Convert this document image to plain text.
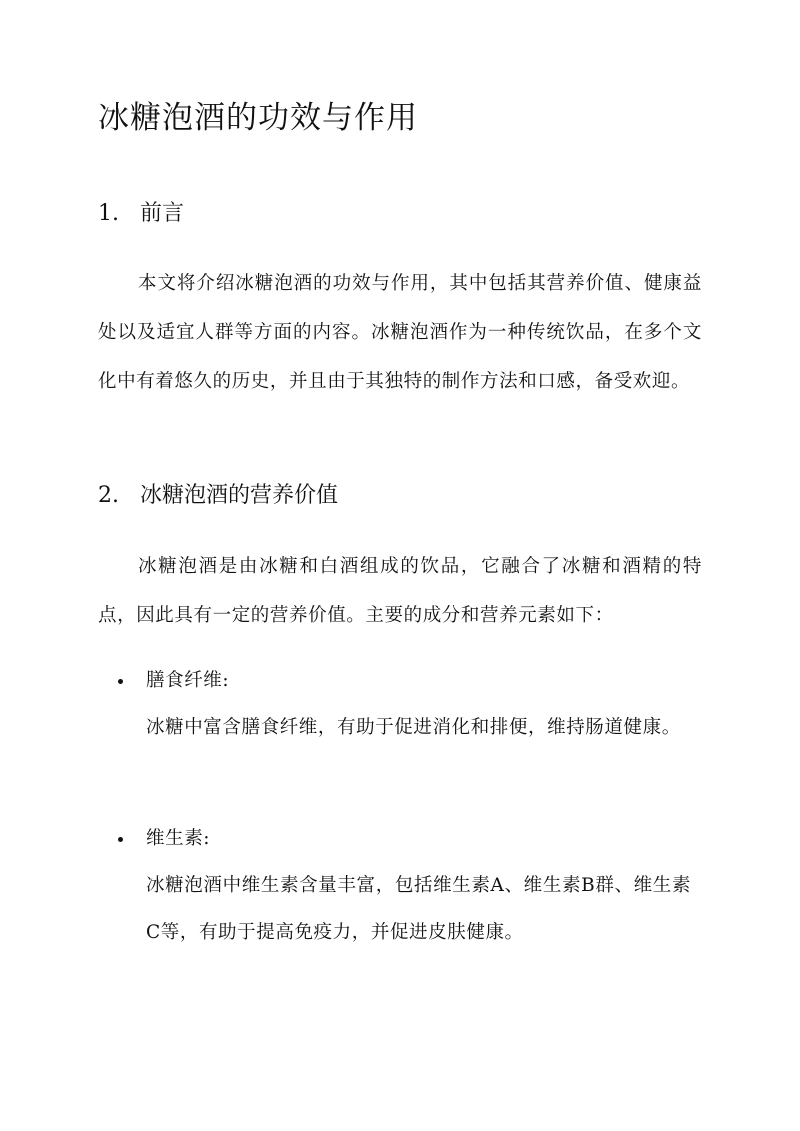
冰糖泡酒的功效与作用
1. 前言

本文将介绍冰糖泡酒的功效与作用，其中包括其营养价值、健康益处以及适宜人群等方面的内容。冰糖泡酒作为一种传统饮品，在多个文化中有着悠久的历史，并且由于其独特的制作方法和口感，备受欢迎。

2. 冰糖泡酒的营养价值

冰糖泡酒是由冰糖和白酒组成的饮品，它融合了冰糖和酒精的特点，因此具有一定的营养价值。主要的成分和营养元素如下：

膳食纤维:

冰糖中富含膳食纤维，有助于促进消化和排便，维持肠道健康。

维生素:

冰糖泡酒中维生素含量丰富，包括维生素A、维生素B群、维生素C等，有助于提高免疫力，并促进皮肤健康。
